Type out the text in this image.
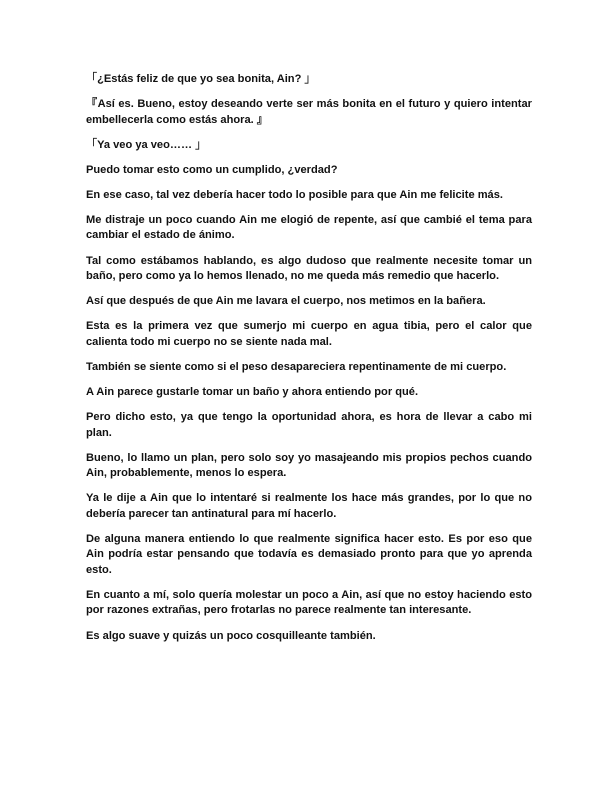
「¿Estás feliz de que yo sea bonita, Ain? 」

『Así es. Bueno, estoy deseando verte ser más bonita en el futuro y quiero intentar embellecerla como estás ahora. 』

「Ya veo ya veo…… 」

Puedo tomar esto como un cumplido, ¿verdad?

En ese caso, tal vez debería hacer todo lo posible para que Ain me felicite más.

Me distraje un poco cuando Ain me elogió de repente, así que cambié el tema para cambiar el estado de ánimo.

Tal como estábamos hablando, es algo dudoso que realmente necesite tomar un baño, pero como ya lo hemos llenado, no me queda más remedio que hacerlo.

Así que después de que Ain me lavara el cuerpo, nos metimos en la bañera.

Esta es la primera vez que sumerjo mi cuerpo en agua tibia, pero el calor que calienta todo mi cuerpo no se siente nada mal.

También se siente como si el peso desapareciera repentinamente de mi cuerpo.

A Ain parece gustarle tomar un baño y ahora entiendo por qué.

Pero dicho esto, ya que tengo la oportunidad ahora, es hora de llevar a cabo mi plan.

Bueno, lo llamo un plan, pero solo soy yo masajeando mis propios pechos cuando Ain, probablemente, menos lo espera.

Ya le dije a Ain que lo intentaré si realmente los hace más grandes, por lo que no debería parecer tan antinatural para mí hacerlo.

De alguna manera entiendo lo que realmente significa hacer esto. Es por eso que Ain podría estar pensando que todavía es demasiado pronto para que yo aprenda esto.

En cuanto a mí, solo quería molestar un poco a Ain, así que no estoy haciendo esto por razones extrañas, pero frotarlas no parece realmente tan interesante.

Es algo suave y quizás un poco cosquilleante también.
